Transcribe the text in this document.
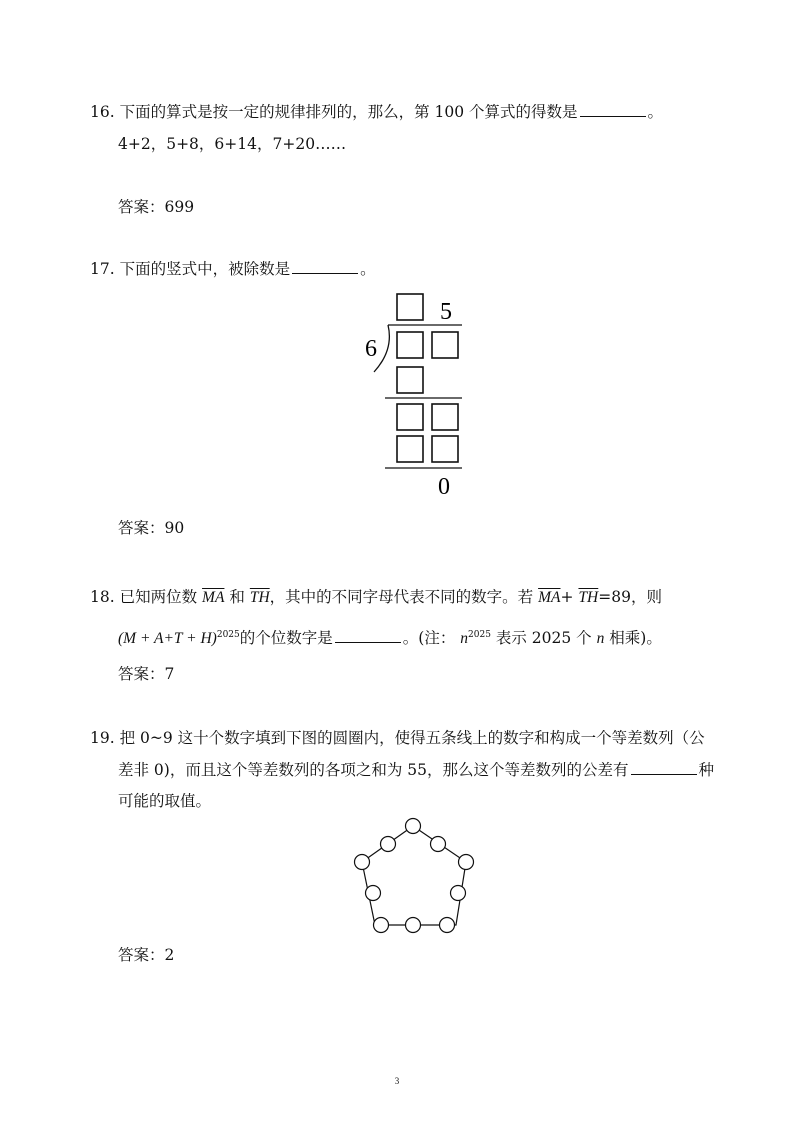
16. 下面的算式是按一定的规律排列的，那么，第 100 个算式的得数是	。
4+2，5+8，6+14，7+20……
答案：699
17. 下面的竖式中，被除数是	。
5
6
0
答案：90
18. 已知两位数 $\overline{MA}$ 和 $\overline{TH}$，其中的不同字母代表不同的数字。若 $\overline{MA}+ \overline{TH}=89$，则
$(M + A+T + H)^{2025}$的个位数字是	。(注： $n^{2025}$ 表示 2025 个 n 相乘)。
答案：7
19. 把 0~9 这十个数字填到下图的圆圈内，使得五条线上的数字和构成一个等差数列（公
差非 0)，而且这个等差数列的各项之和为 55，那么这个等差数列的公差有	种
可能的取值。
答案：2
3
